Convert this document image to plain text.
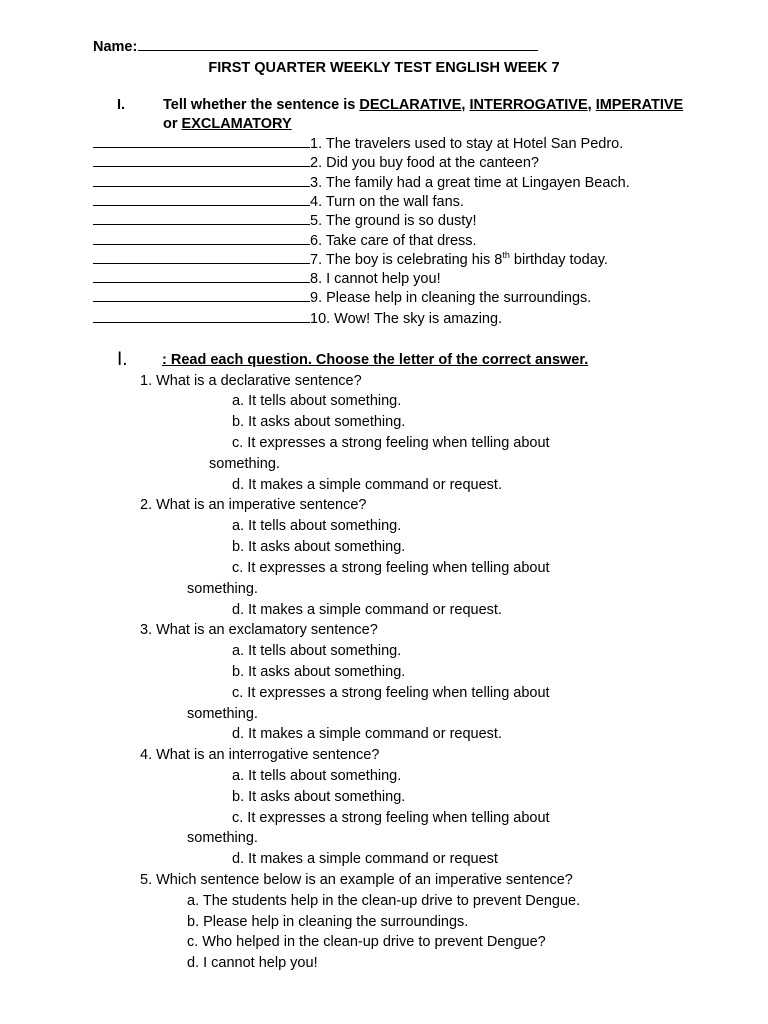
Name:
FIRST QUARTER WEEKLY TEST ENGLISH WEEK 7
I.	Tell whether the sentence is DECLARATIVE, INTERROGATIVE, IMPERATIVE
or EXCLAMATORY
1. The travelers used to stay at Hotel San Pedro.
2. Did you buy food at the canteen?
3. The family had a great time at Lingayen Beach.
4. Turn on the wall fans.
5. The ground is so dusty!
6. Take care of that dress.
7. The boy is celebrating his 8th birthday today.
8. I cannot help you!
9. Please help in cleaning the surroundings.
10. Wow! The sky is amazing.
I. : Read each question. Choose the letter of the correct answer.
1. What is a declarative sentence?
a. It tells about something.
b. It asks about something.
c. It expresses a strong feeling when telling about
something.
d. It makes a simple command or request.
2. What is an imperative sentence?
a. It tells about something.
b. It asks about something.
c. It expresses a strong feeling when telling about
something.
d. It makes a simple command or request.
3. What is an exclamatory sentence?
a. It tells about something.
b. It asks about something.
c. It expresses a strong feeling when telling about
something.
d. It makes a simple command or request.
4. What is an interrogative sentence?
a. It tells about something.
b. It asks about something.
c. It expresses a strong feeling when telling about
something.
d. It makes a simple command or request
5. Which sentence below is an example of an imperative sentence?
a. The students help in the clean-up drive to prevent Dengue.
b. Please help in cleaning the surroundings.
c. Who helped in the clean-up drive to prevent Dengue?
d. I cannot help you!
